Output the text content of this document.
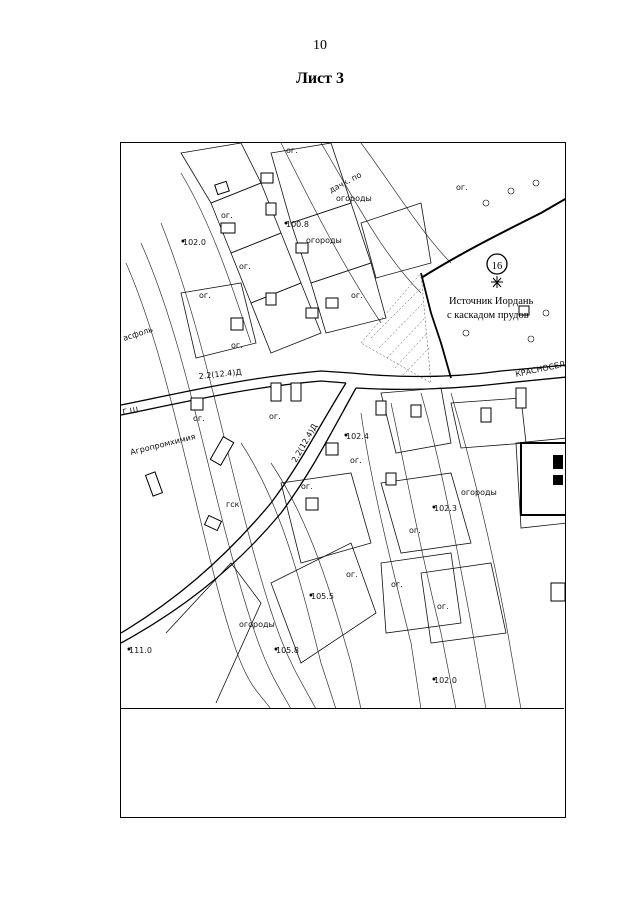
10
Лист 3
102.0
100.8
102.4
102.3
105.5
105.8
111.0
102.0
огороды
огороды
огороды
огороды
ог.
ог.
ог.
ог.
ог.	ог.
ог.
ог.
ог.
ог.
ог.
ог.
ог.
ог.
ог.
гск
Агропромхимия
Г.Ш
КРАСНОСЕЛ
дачк. по
асфоль
2.2(12.4)Д
2.2(12.4)Д
16
Источник Иордань
с каскадом прудов
